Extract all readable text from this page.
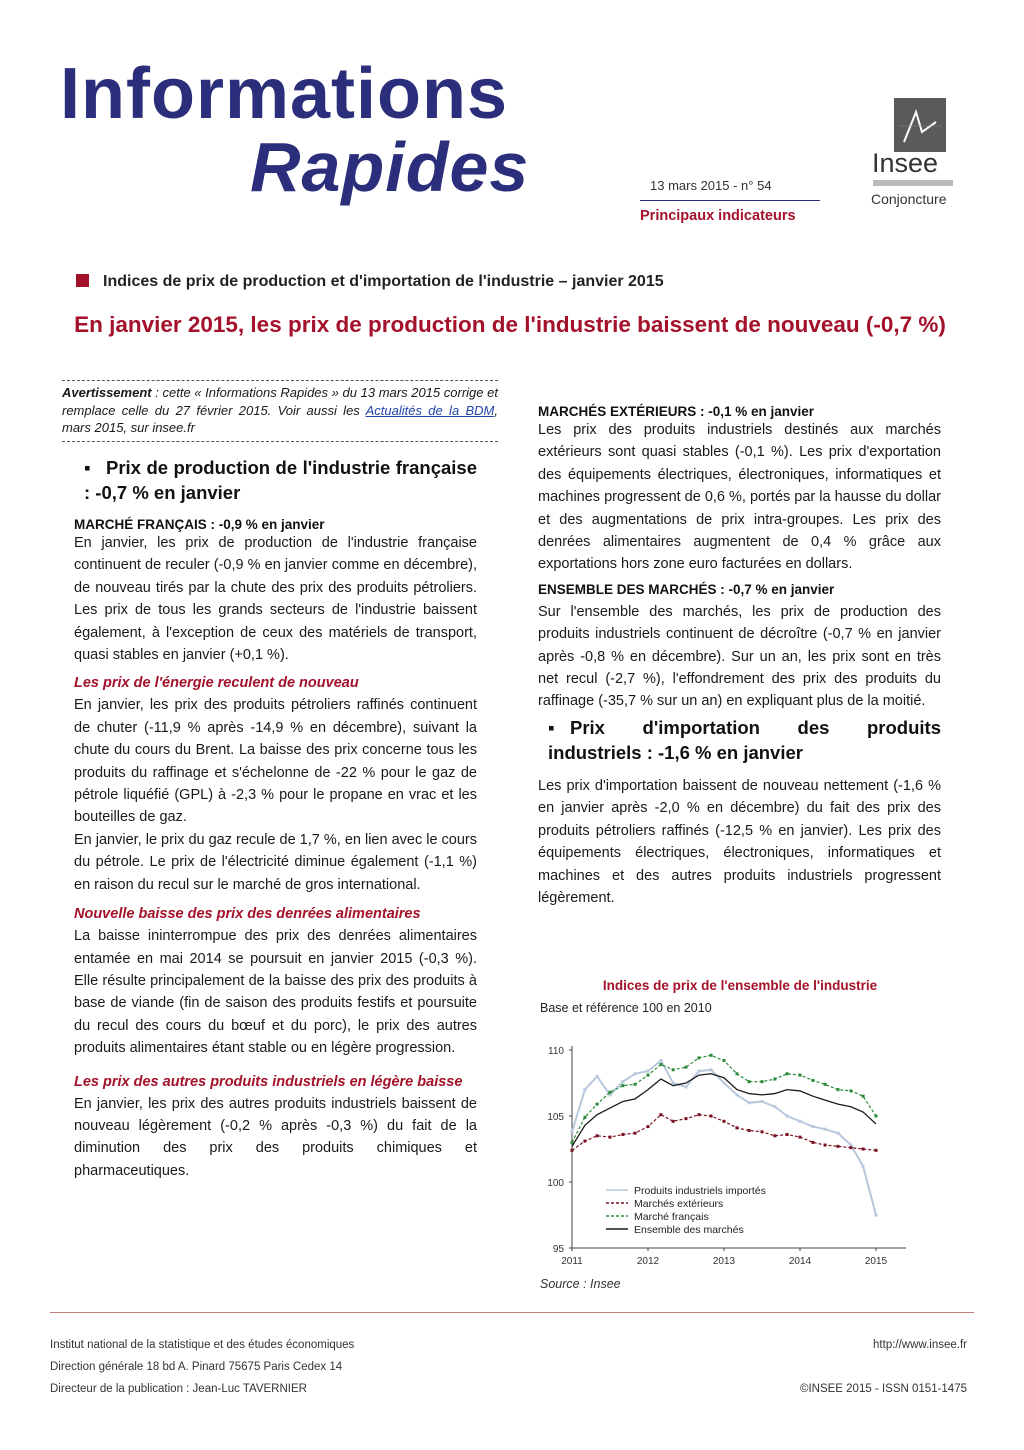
Informations
Rapides	13 mars 2015 - n° 54
Principaux indicateurs
Insee
Conjoncture
Indices de prix de production et d'importation de l'industrie – janvier 2015
En janvier 2015, les prix de production de l'industrie baissent de nouveau (-0,7 %)
Avertissement : cette « Informations Rapides » du 13 mars 2015 corrige et remplace celle du 27 février 2015. Voir aussi les Actualités de la BDM, mars 2015, sur insee.fr
▪ Prix de production de l'industrie française : -0,7 % en janvier
MARCHÉ FRANÇAIS : -0,9 % en janvier
En janvier, les prix de production de l'industrie française continuent de reculer (-0,9 % en janvier comme en décembre), de nouveau tirés par la chute des prix des produits pétroliers. Les prix de tous les grands secteurs de l'industrie baissent également, à l'exception de ceux des matériels de transport, quasi stables en janvier (+0,1 %).
Les prix de l'énergie reculent de nouveau
En janvier, les prix des produits pétroliers raffinés continuent de chuter (-11,9 % après -14,9 % en décembre), suivant la chute du cours du Brent. La baisse des prix concerne tous les produits du raffinage et s'échelonne de -22 % pour le gaz de pétrole liquéfié (GPL) à -2,3 % pour le propane en vrac et les bouteilles de gaz.
En janvier, le prix du gaz recule de 1,7 %, en lien avec le cours du pétrole. Le prix de l'électricité diminue également (-1,1 %) en raison du recul sur le marché de gros international.
Nouvelle baisse des prix des denrées alimentaires
La baisse ininterrompue des prix des denrées alimentaires entamée en mai 2014 se poursuit en janvier 2015 (-0,3 %). Elle résulte principalement de la baisse des prix des produits à base de viande (fin de saison des produits festifs et poursuite du recul des cours du bœuf et du porc), le prix des autres produits alimentaires étant stable ou en légère progression.
Les prix des autres produits industriels en légère baisse
En janvier, les prix des autres produits industriels baissent de nouveau légèrement (-0,2 % après -0,3 %) du fait de la diminution des prix des produits chimiques et pharmaceutiques.
MARCHÉS EXTÉRIEURS : -0,1 % en janvier
Les prix des produits industriels destinés aux marchés extérieurs sont quasi stables (-0,1 %). Les prix d'exportation des équipements électriques, électroniques, informatiques et machines progressent de 0,6 %, portés par la hausse du dollar et des augmentations de prix intra-groupes. Les prix des denrées alimentaires augmentent de 0,4 % grâce aux exportations hors zone euro facturées en dollars.
ENSEMBLE DES MARCHÉS : -0,7 % en janvier
Sur l'ensemble des marchés, les prix de production des produits industriels continuent de décroître (-0,7 % en janvier après -0,8 % en décembre). Sur un an, les prix sont en très net recul (-2,7 %), l'effondrement des prix des produits du raffinage (-35,7 % sur un an) en expliquant plus de la moitié.
▪ Prix d'importation des produits industriels : -1,6 % en janvier
Les prix d'importation baissent de nouveau nettement (-1,6 % en janvier après -2,0 % en décembre) du fait des prix des produits pétroliers raffinés (-12,5 % en janvier). Les prix des équipements électriques, électroniques, informatiques et machines et des autres produits industriels progressent légèrement.
Indices de prix de l'ensemble de l'industrie
Base et référence 100 en 2010
95
100
105
110
2011	2012	2013	2014	2015
Produits industriels importés
Marchés extérieurs
Marché français
Ensemble des marchés
Source : Insee
Institut national de la statistique et des études économiques
Direction générale 18 bd A. Pinard 75675 Paris Cedex 14
Directeur de la publication : Jean-Luc TAVERNIER
http://www.insee.fr

©INSEE 2015 - ISSN 0151-1475
